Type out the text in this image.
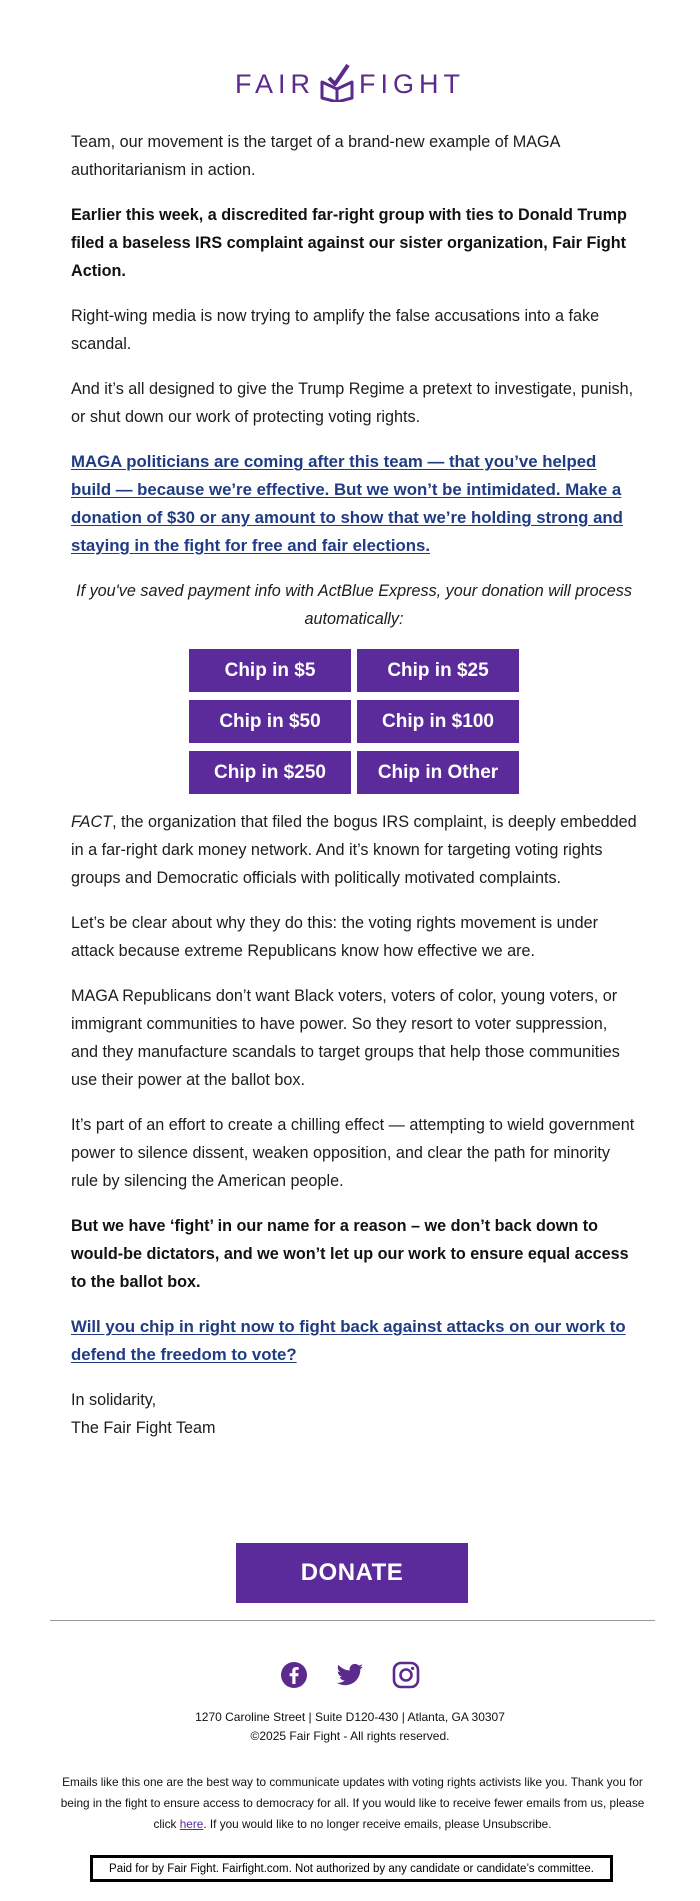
FAIR FIGHT

Team, our movement is the target of a brand-new example of MAGA authoritarianism in action.

Earlier this week, a discredited far-right group with ties to Donald Trump filed a baseless IRS complaint against our sister organization, Fair Fight Action.

Right-wing media is now trying to amplify the false accusations into a fake scandal.

And it’s all designed to give the Trump Regime a pretext to investigate, punish, or shut down our work of protecting voting rights.

MAGA politicians are coming after this team — that you’ve helped build — because we’re effective. But we won’t be intimidated. Make a donation of $30 or any amount to show that we’re holding strong and staying in the fight for free and fair elections.

If you've saved payment info with ActBlue Express, your donation will process automatically:

Chip in $5	Chip in $25
Chip in $50	Chip in $100
Chip in $250	Chip in Other

FACT, the organization that filed the bogus IRS complaint, is deeply embedded in a far-right dark money network. And it’s known for targeting voting rights groups and Democratic officials with politically motivated complaints.

Let’s be clear about why they do this: the voting rights movement is under attack because extreme Republicans know how effective we are.

MAGA Republicans don’t want Black voters, voters of color, young voters, or immigrant communities to have power. So they resort to voter suppression, and they manufacture scandals to target groups that help those communities use their power at the ballot box.

It’s part of an effort to create a chilling effect — attempting to wield government power to silence dissent, weaken opposition, and clear the path for minority rule by silencing the American people.

But we have ‘fight’ in our name for a reason – we don’t back down to would-be dictators, and we won’t let up our work to ensure equal access to the ballot box.

Will you chip in right now to fight back against attacks on our work to defend the freedom to vote?
In solidarity,
The Fair Fight Team
DONATE
1270 Caroline Street | Suite D120-430 | Atlanta, GA 30307
©2025 Fair Fight - All rights reserved.
Emails like this one are the best way to communicate updates with voting rights activists like you. Thank you for being in the fight to ensure access to democracy for all. If you would like to receive fewer emails from us, please click here. If you would like to no longer receive emails, please Unsubscribe.
Paid for by Fair Fight. Fairfight.com. Not authorized by any candidate or candidate’s committee.
